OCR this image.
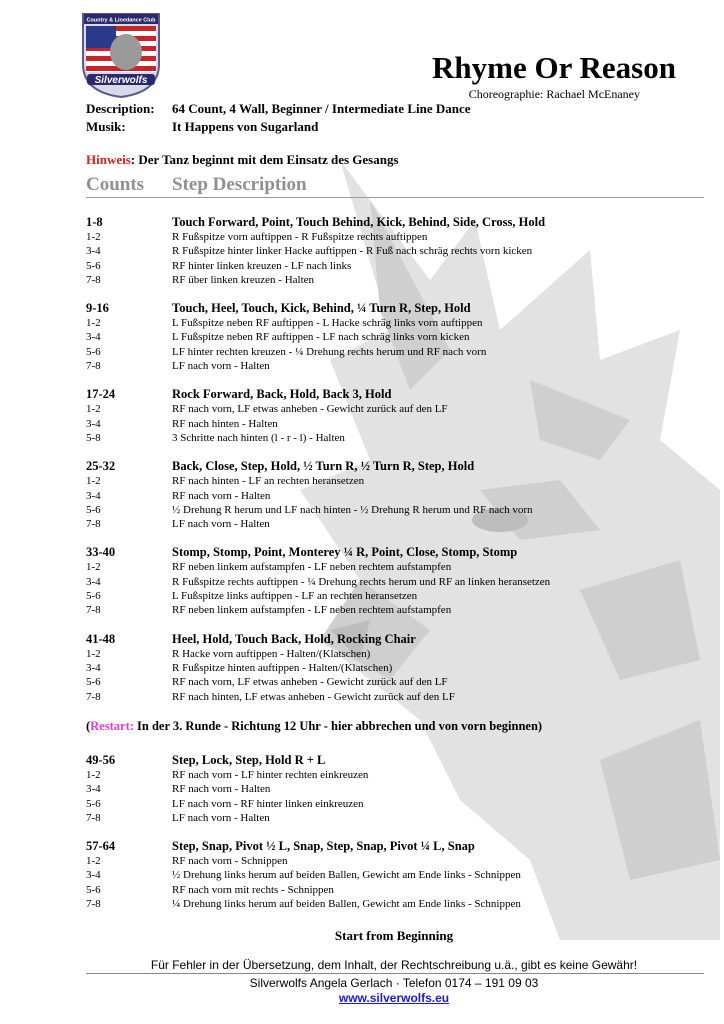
Country & Linedance Club
Silverwolfs	Rhyme Or Reason
Choreographie: Rachael McEnaney
Description: 64 Count, 4 Wall, Beginner / Intermediate Line Dance
Musik:	It Happens von Sugarland
Hinweis: Der Tanz beginnt mit dem Einsatz des Gesangs
Counts Step Description
1-8	Touch Forward, Point, Touch Behind, Kick, Behind, Side, Cross, Hold
1-2	R Fußspitze vorn auftippen - R Fußspitze rechts auftippen
3-4	R Fußspitze hinter linker Hacke auftippen - R Fuß nach schräg rechts vorn kicken
5-6	RF hinter linken kreuzen - LF nach links
7-8	RF über linken kreuzen - Halten
9-16	Touch, Heel, Touch, Kick, Behind, ¼ Turn R, Step, Hold
1-2	L Fußspitze neben RF auftippen - L Hacke schräg links vorn auftippen
3-4	L Fußspitze neben RF auftippen - LF nach schräg links vorn kicken
5-6	LF hinter rechten kreuzen - ¼ Drehung rechts herum und RF nach vorn
7-8	LF nach vorn - Halten
17-24	Rock Forward, Back, Hold, Back 3, Hold
1-2	RF nach vorn, LF etwas anheben - Gewicht zurück auf den LF
3-4	RF nach hinten - Halten
5-8	3 Schritte nach hinten (l - r - l) - Halten
25-32	Back, Close, Step, Hold, ½ Turn R, ½ Turn R, Step, Hold
1-2	RF nach hinten - LF an rechten heransetzen
3-4	RF nach vorn - Halten
5-6	½ Drehung R herum und LF nach hinten - ½ Drehung R herum und RF nach vorn
7-8	LF nach vorn - Halten
33-40	Stomp, Stomp, Point, Monterey ¼ R, Point, Close, Stomp, Stomp
1-2	RF neben linkem aufstampfen - LF neben rechtem aufstampfen
3-4	R Fußspitze rechts auftippen - ¼ Drehung rechts herum und RF an linken heransetzen
5-6	L Fußspitze links auftippen - LF an rechten heransetzen
7-8	RF neben linkem aufstampfen - LF neben rechtem aufstampfen
41-48	Heel, Hold, Touch Back, Hold, Rocking Chair
1-2	R Hacke vorn auftippen - Halten/(Klatschen)
3-4	R Fußspitze hinten auftippen - Halten/(Klatschen)
5-6	RF nach vorn, LF etwas anheben - Gewicht zurück auf den LF
7-8	RF nach hinten, LF etwas anheben - Gewicht zurück auf den LF
(Restart: In der 3. Runde - Richtung 12 Uhr - hier abbrechen und von vorn beginnen)
49-56	Step, Lock, Step, Hold R + L
1-2	RF nach vorn - LF hinter rechten einkreuzen
3-4	RF nach vorn - Halten
5-6	LF nach vorn - RF hinter linken einkreuzen
7-8	LF nach vorn - Halten
57-64	Step, Snap, Pivot ½ L, Snap, Step, Snap, Pivot ¼ L, Snap
1-2	RF nach vorn - Schnippen
3-4	½ Drehung links herum auf beiden Ballen, Gewicht am Ende links - Schnippen
5-6	RF nach vorn mit rechts - Schnippen
7-8	¼ Drehung links herum auf beiden Ballen, Gewicht am Ende links - Schnippen
Start from Beginning
Für Fehler in der Übersetzung, dem Inhalt, der Rechtschreibung u.ä., gibt es keine Gewähr!
Silverwolfs Angela Gerlach · Telefon 0174 – 191 09 03
www.silverwolfs.eu
